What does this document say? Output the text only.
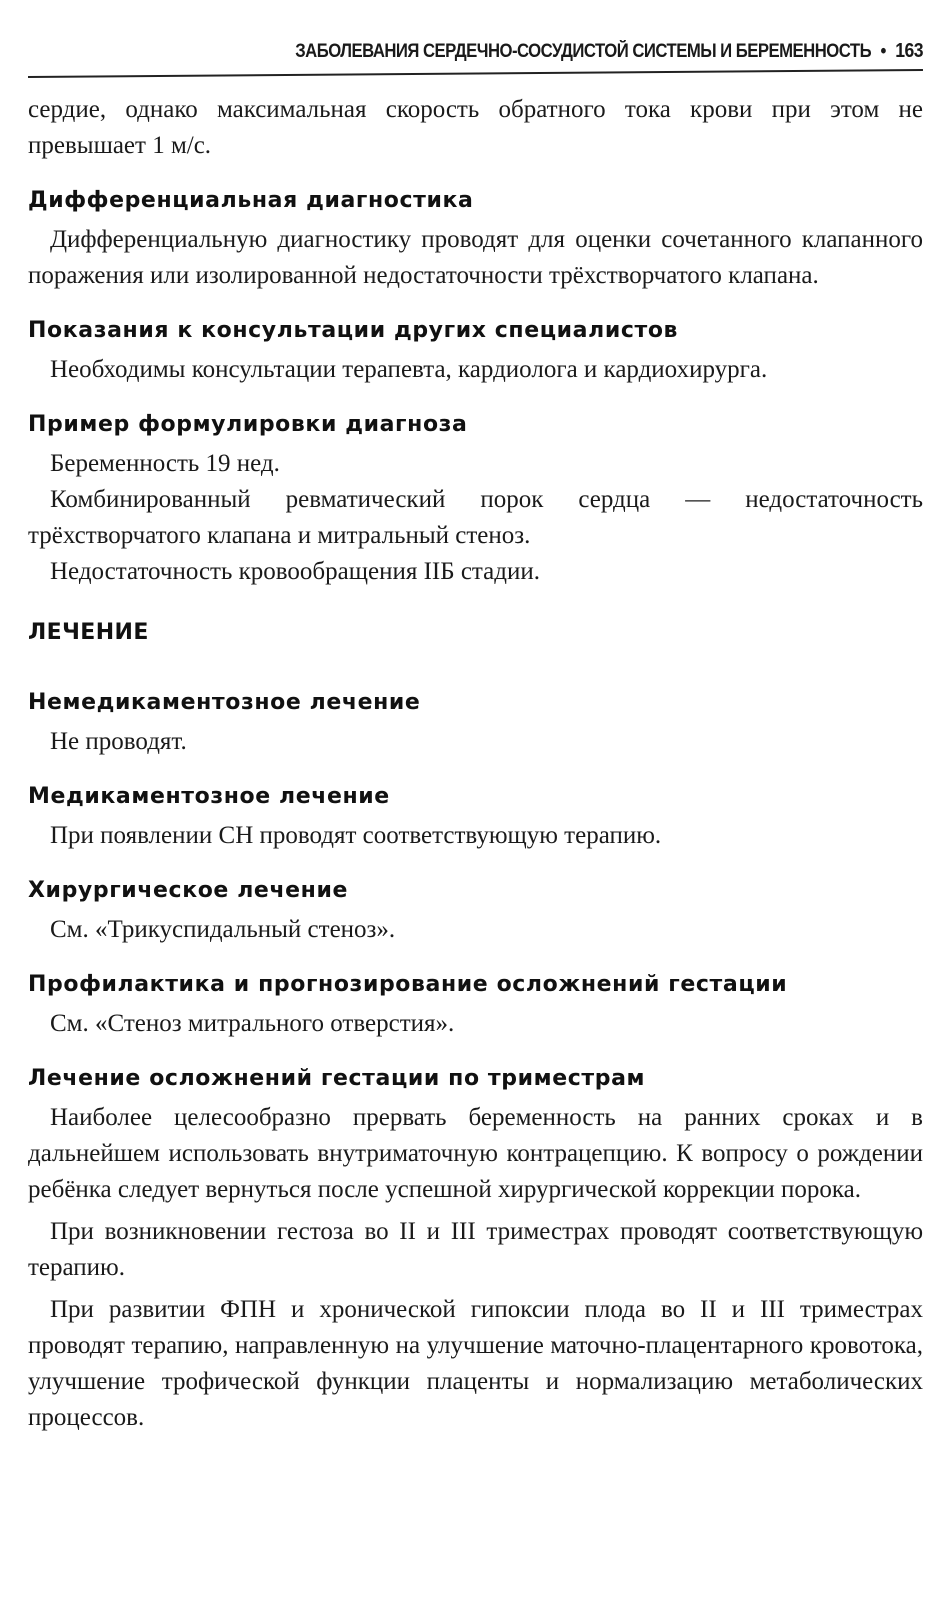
ЗАБОЛЕВАНИЯ СЕРДЕЧНО-СОСУДИСТОЙ СИСТЕМЫ И БЕРЕМЕННОСТЬ • 163

сердие, однако максимальная скорость обратного тока крови при этом не превышает 1 м/с.

Дифференциальная диагностика

Дифференциальную диагностику проводят для оценки сочетанного клапанного поражения или изолированной недостаточности трёхстворчатого клапана.

Показания к консультации других специалистов

Необходимы консультации терапевта, кардиолога и кардиохирурга.

Пример формулировки диагноза

Беременность 19 нед.

Комбинированный ревматический порок сердца — недостаточность трёхстворчатого клапана и митральный стеноз.

Недостаточность кровообращения IIБ стадии.

ЛЕЧЕНИЕ
Немедикаментозное лечение

Не проводят.

Медикаментозное лечение

При появлении СН проводят соответствующую терапию.

Хирургическое лечение

См. «Трикуспидальный стеноз».

Профилактика и прогнозирование осложнений гестации

См. «Стеноз митрального отверстия».

Лечение осложнений гестации по триместрам

Наиболее целесообразно прервать беременность на ранних сроках и в дальнейшем использовать внутриматочную контрацепцию. К вопросу о рождении ребёнка следует вернуться после успешной хирургической коррекции порока.

При возникновении гестоза во II и III триместрах проводят соответствующую терапию.

При развитии ФПН и хронической гипоксии плода во II и III триместрах проводят терапию, направленную на улучшение маточно-плацентарного кровотока, улучшение трофической функции плаценты и нормализацию метаболических процессов.
